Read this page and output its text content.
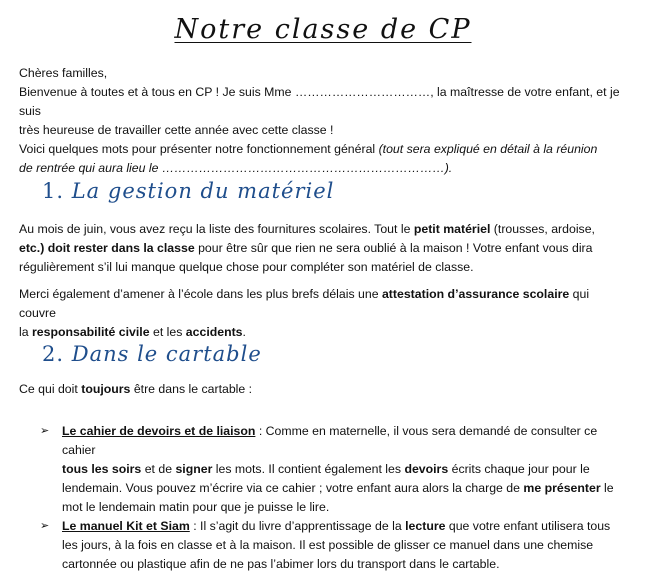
Notre classe de CP
Chères familles,
Bienvenue à toutes et à tous en CP ! Je suis Mme ……………………………, la maîtresse de votre enfant, et je suis
très heureuse de travailler cette année avec cette classe !
Voici quelques mots pour présenter notre fonctionnement général (tout sera expliqué en détail à la réunion
de rentrée qui aura lieu le ……………………………………………………………).
1. La gestion du matériel
Au mois de juin, vous avez reçu la liste des fournitures scolaires. Tout le petit matériel (trousses, ardoise,
etc.) doit rester dans la classe pour être sûr que rien ne sera oublié à la maison ! Votre enfant vous dira
régulièrement s’il lui manque quelque chose pour compléter son matériel de classe.
Merci également d’amener à l’école dans les plus brefs délais une attestation d’assurance scolaire qui couvre
la responsabilité civile et les accidents.
2. Dans le cartable
Ce qui doit toujours être dans le cartable :
➢ Le cahier de devoirs et de liaison : Comme en maternelle, il vous sera demandé de consulter ce cahier
tous les soirs et de signer les mots. Il contient également les devoirs écrits chaque jour pour le
lendemain. Vous pouvez m’écrire via ce cahier ; votre enfant aura alors la charge de me présenter le
mot le lendemain matin pour que je puisse le lire.
➢ Le manuel Kit et Siam : Il s’agit du livre d’apprentissage de la lecture que votre enfant utilisera tous
les jours, à la fois en classe et à la maison. Il est possible de glisser ce manuel dans une chemise
cartonnée ou plastique afin de ne pas l’abimer lors du transport dans le cartable.
